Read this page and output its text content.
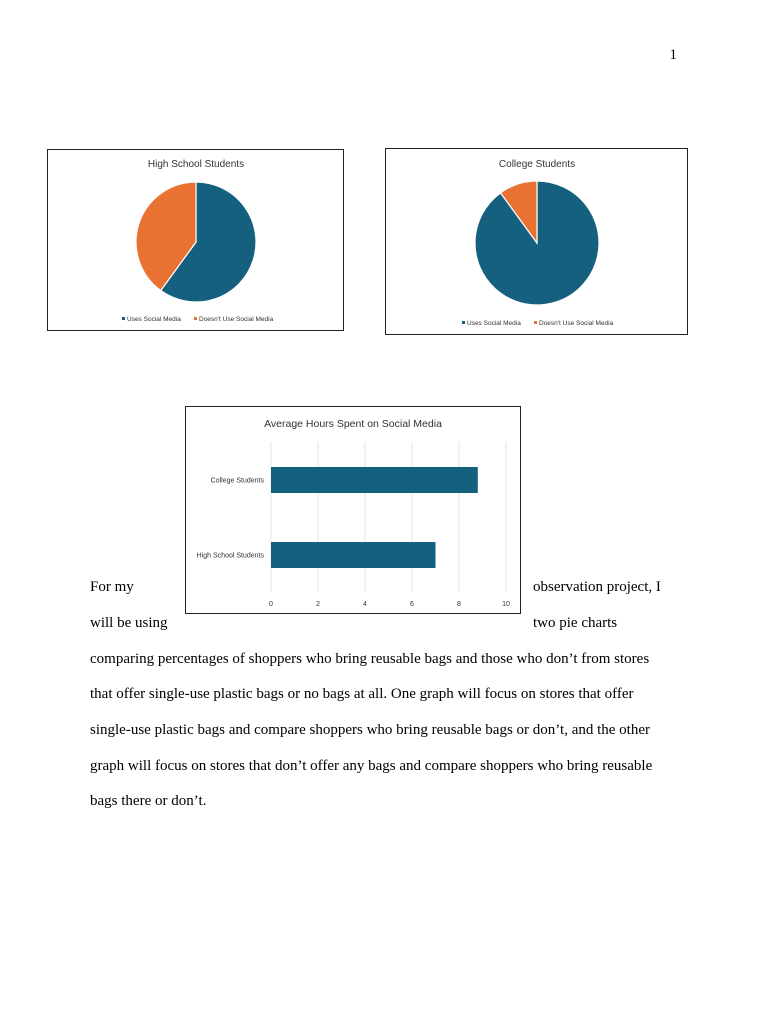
1
High School Students
Uses Social Media	Doesn't Use Social Media
College Students
Uses Social Media	Doesn't Use Social Media
For my	observation project, I
will be using	two pie charts
comparing percentages of shoppers who bring reusable bags and those who don’t from stores
that offer single-use plastic bags or no bags at all. One graph will focus on stores that offer
single-use plastic bags and compare shoppers who bring reusable bags or don’t, and the other
graph will focus on stores that don’t offer any bags and compare shoppers who bring reusable
bags there or don’t.
Average Hours Spent on Social Media
0	2	4	6	8	10
High School Students
College Students
